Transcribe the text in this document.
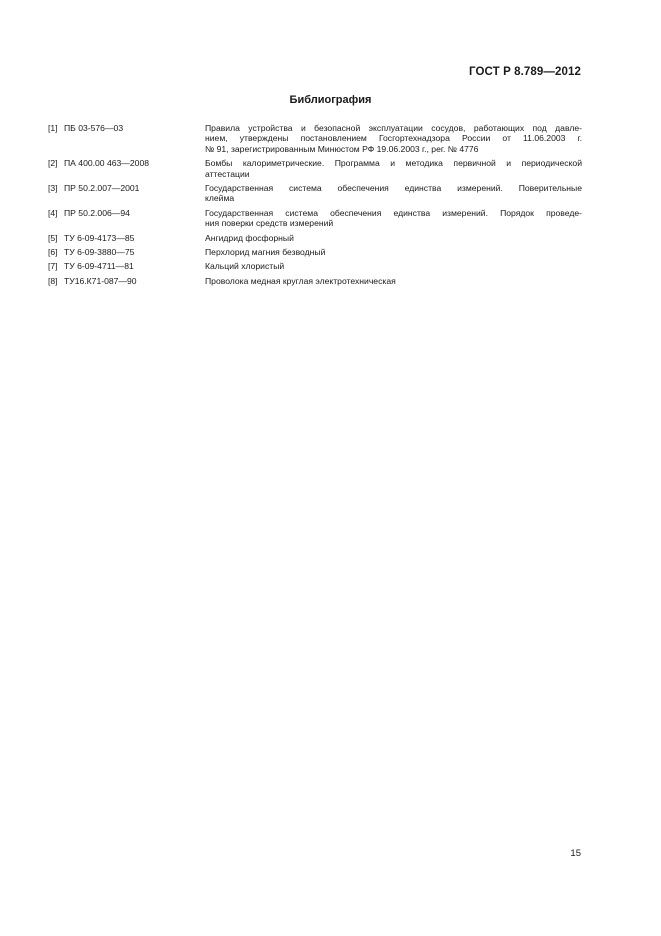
ГОСТ Р 8.789—2012
Библиография
[1] ПБ 03-576—03	Правила устройства и безопасной эксплуатации сосудов, работающих под давле-
нием, утверждены постановлением Госгортехнадзора России от 11.06.2003 г.
№ 91, зарегистрированным Минюстом РФ 19.06.2003 г., рег. № 4776
[2] ПА 400.00 463—2008	Бомбы калориметрические. Программа и методика первичной и периодической
аттестации
[3] ПР 50.2.007—2001	Государственная система обеспечения единства измерений. Поверительные
клейма
[4] ПР 50.2.006—94	Государственная система обеспечения единства измерений. Порядок проведе-
ния поверки средств измерений
[5] ТУ 6-09-4173—85	Ангидрид фосфорный
[6] ТУ 6-09-3880—75	Перхлорид магния безводный
[7] ТУ 6-09-4711—81	Кальций хлористый
[8] ТУ16.К71-087—90	Проволока медная круглая электротехническая
15
